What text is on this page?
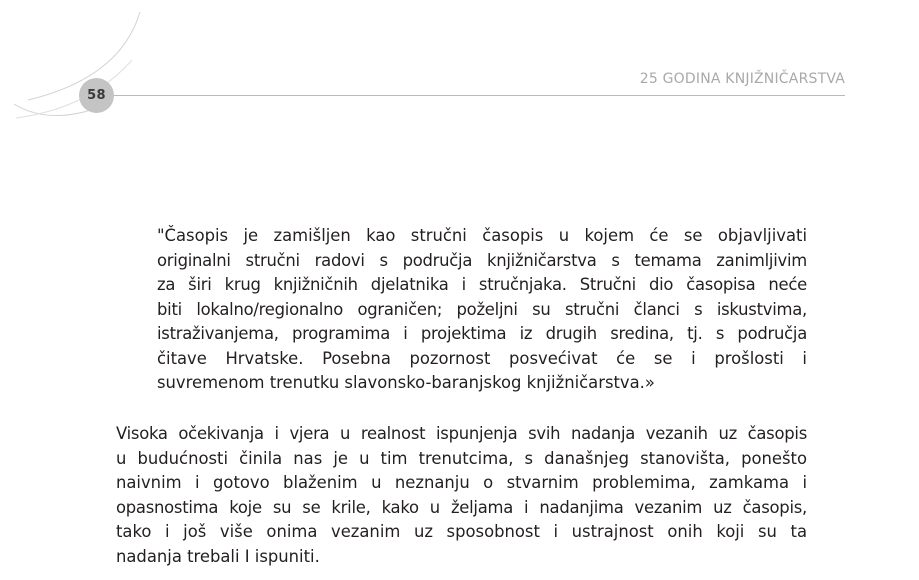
58
25 GODINA KNJIŽNIČARSTVA
"Časopis je zamišljen kao stručni časopis u kojem će se objavljivati
originalni stručni radovi s područja knjižničarstva s temama zanimljivim
za širi krug knjižničnih djelatnika i stručnjaka. Stručni dio časopisa neće
biti lokalno/regionalno ograničen; poželjni su stručni članci s iskustvima,
istraživanjema, programima i projektima iz drugih sredina, tj. s područja
čitave Hrvatske. Posebna pozornost posvećivat će se i prošlosti i
suvremenom trenutku slavonsko-baranjskog knjižničarstva.»
Visoka očekivanja i vjera u realnost ispunjenja svih nadanja vezanih uz časopis
u budućnosti činila nas je u tim trenutcima, s današnjeg stanovišta, ponešto
naivnim i gotovo blaženim u neznanju o stvarnim problemima, zamkama i
opasnostima koje su se krile, kako u željama i nadanjima vezanim uz časopis,
tako i još više onima vezanim uz sposobnost i ustrajnost onih koji su ta
nadanja trebali I ispuniti.
